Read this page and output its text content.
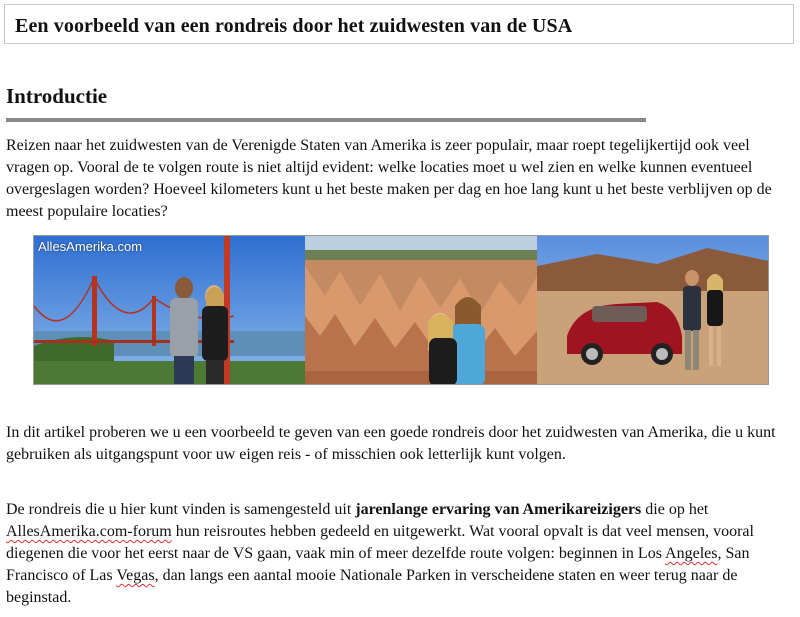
Een voorbeeld van een rondreis door het zuidwesten van de USA
Introductie

Reizen naar het zuidwesten van de Verenigde Staten van Amerika is zeer populair, maar roept tegelijkertijd ook veel vragen op. Vooral de te volgen route is niet altijd evident: welke locaties moet u wel zien en welke kunnen eventueel overgeslagen worden? Hoeveel kilometers kunt u het beste maken per dag en hoe lang kunt u het beste verblijven op de meest populaire locaties?

AllesAmerika.com

In dit artikel proberen we u een voorbeeld te geven van een goede rondreis door het zuidwesten van Amerika, die u kunt gebruiken als uitgangspunt voor uw eigen reis - of misschien ook letterlijk kunt volgen.

De rondreis die u hier kunt vinden is samengesteld uit jarenlange ervaring van Amerikareizigers die op het AllesAmerika.com-forum hun reisroutes hebben gedeeld en uitgewerkt. Wat vooral opvalt is dat veel mensen, vooral diegenen die voor het eerst naar de VS gaan, vaak min of meer dezelfde route volgen: beginnen in Los Angeles, San Francisco of Las Vegas, dan langs een aantal mooie Nationale Parken in verscheidene staten en weer terug naar de beginstad.
